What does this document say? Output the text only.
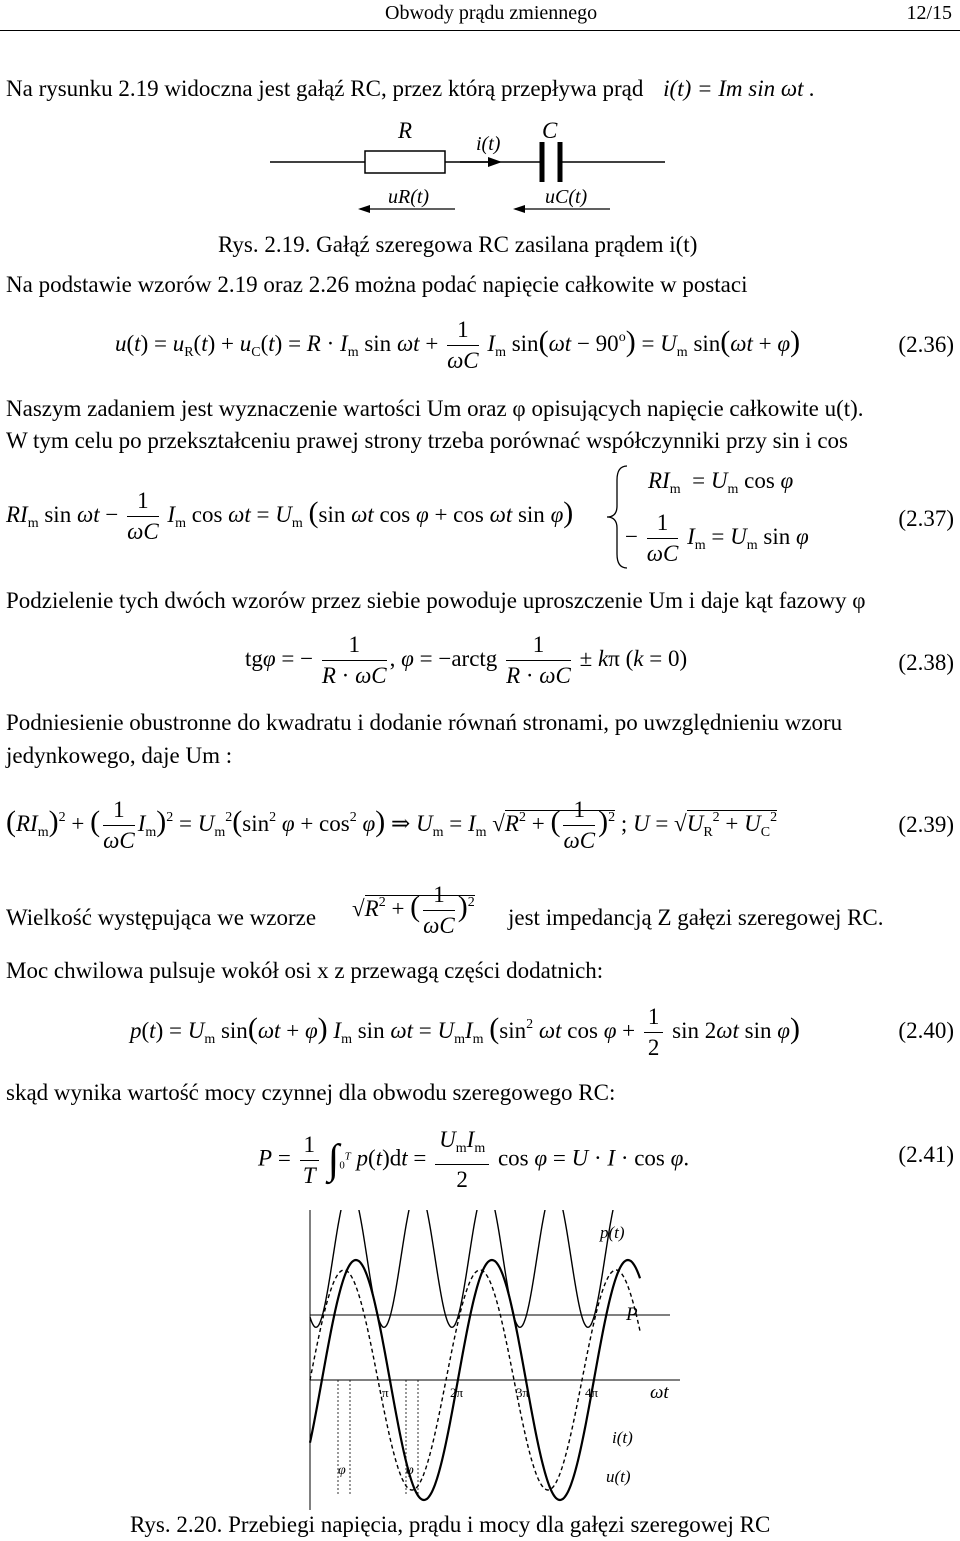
Obwody prądu zmiennego	12/15
Na rysunku 2.19 widoczna jest gałąź RC, przez którą przepływa prąd i(t) = Im sin ωt .
R	C
i(t)
uR(t)	uC(t)
Rys. 2.19. Gałąź szeregowa RC zasilana prądem i(t)
Na podstawie wzorów 2.19 oraz 2.26 można podać napięcie całkowite w postaci
$u(t) = u_R(t) + u_C(t) = R \cdot I_m$ $\sin \omega t + \frac{1}{\omega C} I_m$ $\sin(\omega t - 90^o) = U_m$ sin(ωt + φ)	(2.36)
Naszym zadaniem jest wyznaczenie wartości Um oraz φ opisujących napięcie całkowite u(t).
W tym celu po przekształceniu prawej strony trzeba porównać współczynniki przy sin i cos
$RI_m$ $\sin \omega t - \frac{1}{\omega C} I_m$ $\cos \omega t = U_m$ (sin ωt cos φ + cos ωt sin φ)
$RI_m = U_m$ cos φ
− $\frac{1}{\omega C} I_m = U_m$ sin φ
(2.37)
Podzielenie tych dwóch wzorów przez siebie powoduje uproszczenie Um i daje kąt fazowy φ
tgφ = − $\frac{1}{R \cdot \omega C}$ , φ = −arctg $\frac{1}{R \cdot \omega C} \pm k\pi$ (k = 0)	(2.38)
Podniesienie obustronne do kwadratu i dodanie równań stronami, po uwzględnieniu wzoru
jedynkowego, daje Um :
$(RI_m)^2$ + ( $\frac{1}{\omega C} I_m)^2 = U_m^2(\sin^2$ $\varphi + \cos^2 \varphi$) ⇒ $U_m = I_m$ $√R^2$ + ( $\frac{1}{\omega C} )^2$ ; $U = √U_R^2 + U_C^2$	(2.39)
Wielkość występująca we wzorze $√R^2$ + ( $\frac{1}{\omega C} )^2$
jest impedancją Z gałęzi szeregowej RC.
Moc chwilowa pulsuje wokół osi x z przewagą części dodatnich:
$p(t) = U_m$ sin(ωt + φ) $I_m$ $\sin \omega t = U_mI_m$ ($\sin^2$ ωt $\cos \varphi + \frac{1}{2}$ sin 2ωt sin φ)	(2.40)
skąd wynika wartość mocy czynnej dla obwodu szeregowego RC:
$P = \frac{1}{T} \int_0^T$ $p(t)dt = \frac{U_mI_m}{2}$ cos φ = U · I · cos φ.	(2.41)
π	2π	3π	4π	ωt
p(t)
P
i(t)
u(t)
φ	φ
Rys. 2.20. Przebiegi napięcia, prądu i mocy dla gałęzi szeregowej RC
